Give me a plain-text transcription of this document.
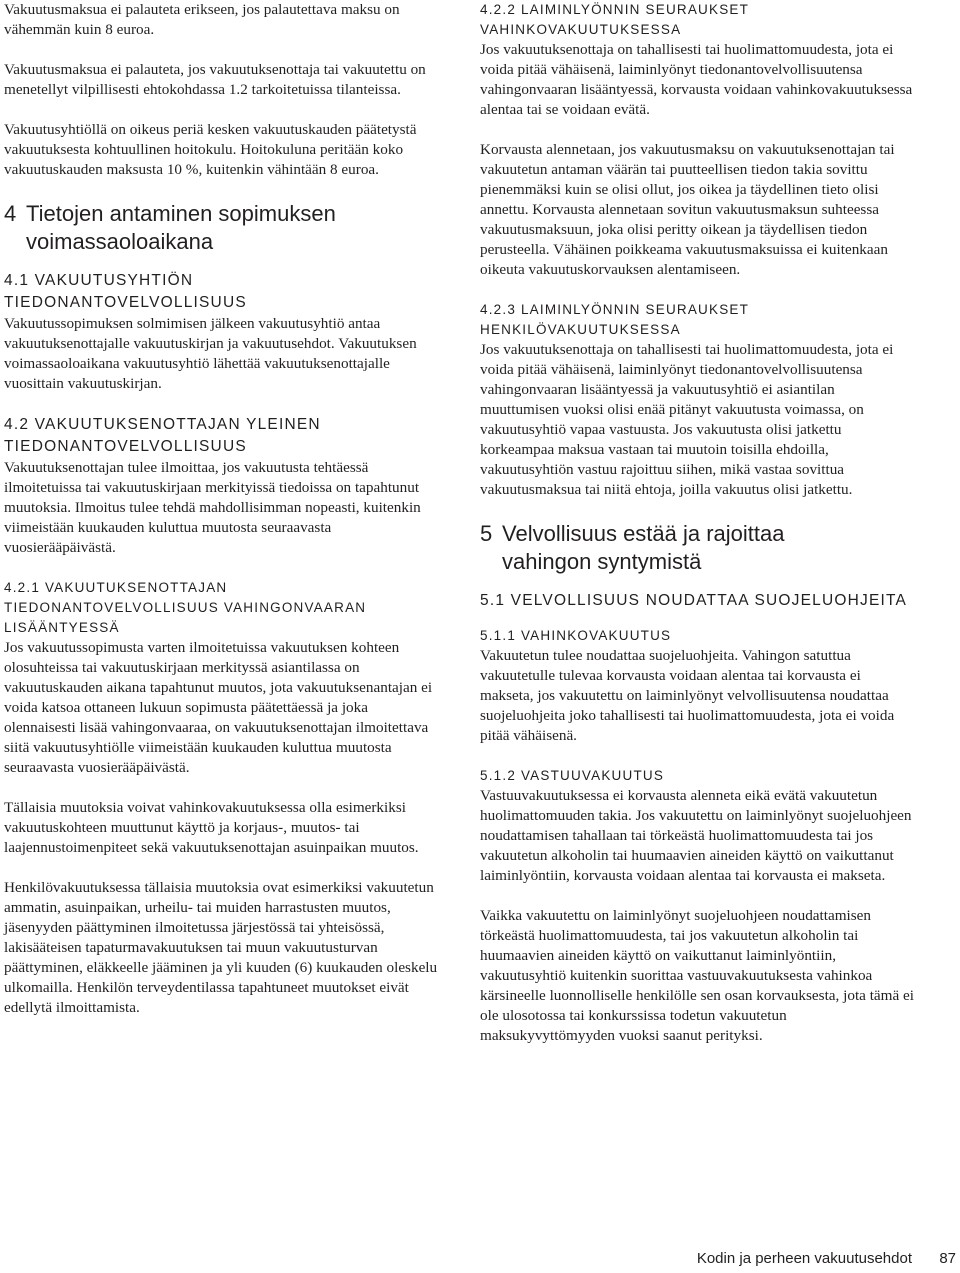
Vakuutusmaksua ei palauteta erikseen, jos palautettava maksu on vähemmän kuin 8 euroa.

Vakuutusmaksua ei palauteta, jos vakuutuksenottaja tai vakuutettu on menetellyt vilpillisesti ehtokohdassa 1.2 tarkoitetuissa tilanteissa.

Vakuutusyhtiöllä on oikeus periä kesken vakuutuskauden päätetystä vakuutuksesta kohtuullinen hoitokulu. Hoitokuluna peritään koko vakuutuskauden maksusta 10 %, kuitenkin vähintään 8 euroa.

4 Tietojen antaminen sopimuksen
voimassaoloaikana
4.1 VAKUUTUSYHTIÖN TIEDONANTOVELVOLLISUUS

Vakuutussopimuksen solmimisen jälkeen vakuutusyhtiö antaa vakuutuksenottajalle vakuutuskirjan ja vakuutusehdot. Vakuutuksen voimassaoloaikana vakuutusyhtiö lähettää vakuutuksenottajalle vuosittain vakuutuskirjan.

4.2 VAKUUTUKSENOTTAJAN YLEINEN TIEDONANTOVELVOLLISUUS

Vakuutuksenottajan tulee ilmoittaa, jos vakuutusta tehtäessä ilmoitetuissa tai vakuutuskirjaan merkityissä tiedoissa on tapahtunut muutoksia. Ilmoitus tulee tehdä mahdollisimman nopeasti, kuitenkin viimeistään kuukauden kuluttua muutosta seuraavasta vuosierääpäivästä.

4.2.1 VAKUUTUKSENOTTAJAN TIEDONANTOVELVOLLISUUS VAHINGONVAARAN LISÄÄNTYESSÄ

Jos vakuutussopimusta varten ilmoitetuissa vakuutuksen kohteen olosuhteissa tai vakuutuskirjaan merkityssä asiantilassa on vakuutuskauden aikana tapahtunut muutos, jota vakuutuksenantajan ei voida katsoa ottaneen lukuun sopimusta päätettäessä ja joka olennaisesti lisää vahingonvaaraa, on vakuutuksenottajan ilmoitettava siitä vakuutusyhtiölle viimeistään kuukauden kuluttua muutosta seuraavasta vuosierääpäivästä.

Tällaisia muutoksia voivat vahinkovakuutuksessa olla esimerkiksi vakuutuskohteen muuttunut käyttö ja korjaus-, muutos- tai laajennustoimenpiteet sekä vakuutuksenottajan asuinpaikan muutos.

Henkilövakuutuksessa tällaisia muutoksia ovat esimerkiksi vakuutetun ammatin, asuinpaikan, urheilu- tai muiden harrastusten muutos, jäsenyyden päättyminen ilmoitetussa järjestössä tai yhteisössä, lakisääteisen tapaturmavakuutuksen tai muun vakuutusturvan päättyminen, eläkkeelle jääminen ja yli kuuden (6) kuukauden oleskelu ulkomailla. Henkilön terveydentilassa tapahtuneet muutokset eivät edellytä ilmoittamista.

4.2.2 LAIMINLYÖNNIN SEURAUKSET VAHINKOVAKUUTUKSESSA

Jos vakuutuksenottaja on tahallisesti tai huolimattomuudesta, jota ei voida pitää vähäisenä, laiminlyönyt tiedonantovelvollisuutensa vahingonvaaran lisääntyessä, korvausta voidaan vahinkovakuutuksessa alentaa tai se voidaan evätä.

Korvausta alennetaan, jos vakuutusmaksu on vakuutuksenottajan tai vakuutetun antaman väärän tai puutteellisen tiedon takia sovittu pienemmäksi kuin se olisi ollut, jos oikea ja täydellinen tieto olisi annettu. Korvausta alennetaan sovitun vakuutusmaksun suhteessa vakuutusmaksuun, joka olisi peritty oikean ja täydellisen tiedon perusteella. Vähäinen poikkeama vakuutusmaksuissa ei kuitenkaan oikeuta vakuutuskorvauksen alentamiseen.

4.2.3 LAIMINLYÖNNIN SEURAUKSET HENKILÖVAKUUTUKSESSA

Jos vakuutuksenottaja on tahallisesti tai huolimattomuudesta, jota ei voida pitää vähäisenä, laiminlyönyt tiedonantovelvollisuutensa vahingonvaaran lisääntyessä ja vakuutusyhtiö ei asiantilan muuttumisen vuoksi olisi enää pitänyt vakuutusta voimassa, on vakuutusyhtiö vapaa vastuusta. Jos vakuutusta olisi jatkettu korkeampaa maksua vastaan tai muutoin toisilla ehdoilla, vakuutusyhtiön vastuu rajoittuu siihen, mikä vastaa sovittua vakuutusmaksua tai niitä ehtoja, joilla vakuutus olisi jatkettu.

5 Velvollisuus estää ja rajoittaa
vahingon syntymistä
5.1 VELVOLLISUUS NOUDATTAA SUOJELUOHJEITA
5.1.1 VAHINKOVAKUUTUS

Vakuutetun tulee noudattaa suojeluohjeita. Vahingon satuttua vakuutetulle tulevaa korvausta voidaan alentaa tai korvausta ei makseta, jos vakuutettu on laiminlyönyt velvollisuutensa noudattaa suojeluohjeita joko tahallisesti tai huolimattomuudesta, jota ei voida pitää vähäisenä.

5.1.2 VASTUUVAKUUTUS

Vastuuvakuutuksessa ei korvausta alenneta eikä evätä vakuutetun huolimattomuuden takia. Jos vakuutettu on laiminlyönyt suojeluohjeen noudattamisen tahallaan tai törkeästä huolimattomuudesta tai jos vakuutetun alkoholin tai huumaavien aineiden käyttö on vaikuttanut laiminlyöntiin, korvausta voidaan alentaa tai korvausta ei makseta.

Vaikka vakuutettu on laiminlyönyt suojeluohjeen noudattamisen törkeästä huolimattomuudesta, tai jos vakuutetun alkoholin tai huumaavien aineiden käyttö on vaikuttanut laiminlyöntiin, vakuutusyhtiö kuitenkin suorittaa vastuuvakuutuksesta vahinkoa kärsineelle luonnolliselle henkilölle sen osan korvauksesta, jota tämä ei ole ulosotossa tai konkurssissa todetun vakuutetun maksukyvyttömyyden vuoksi saanut perityksi.

Kodin ja perheen vakuutusehdot 87
